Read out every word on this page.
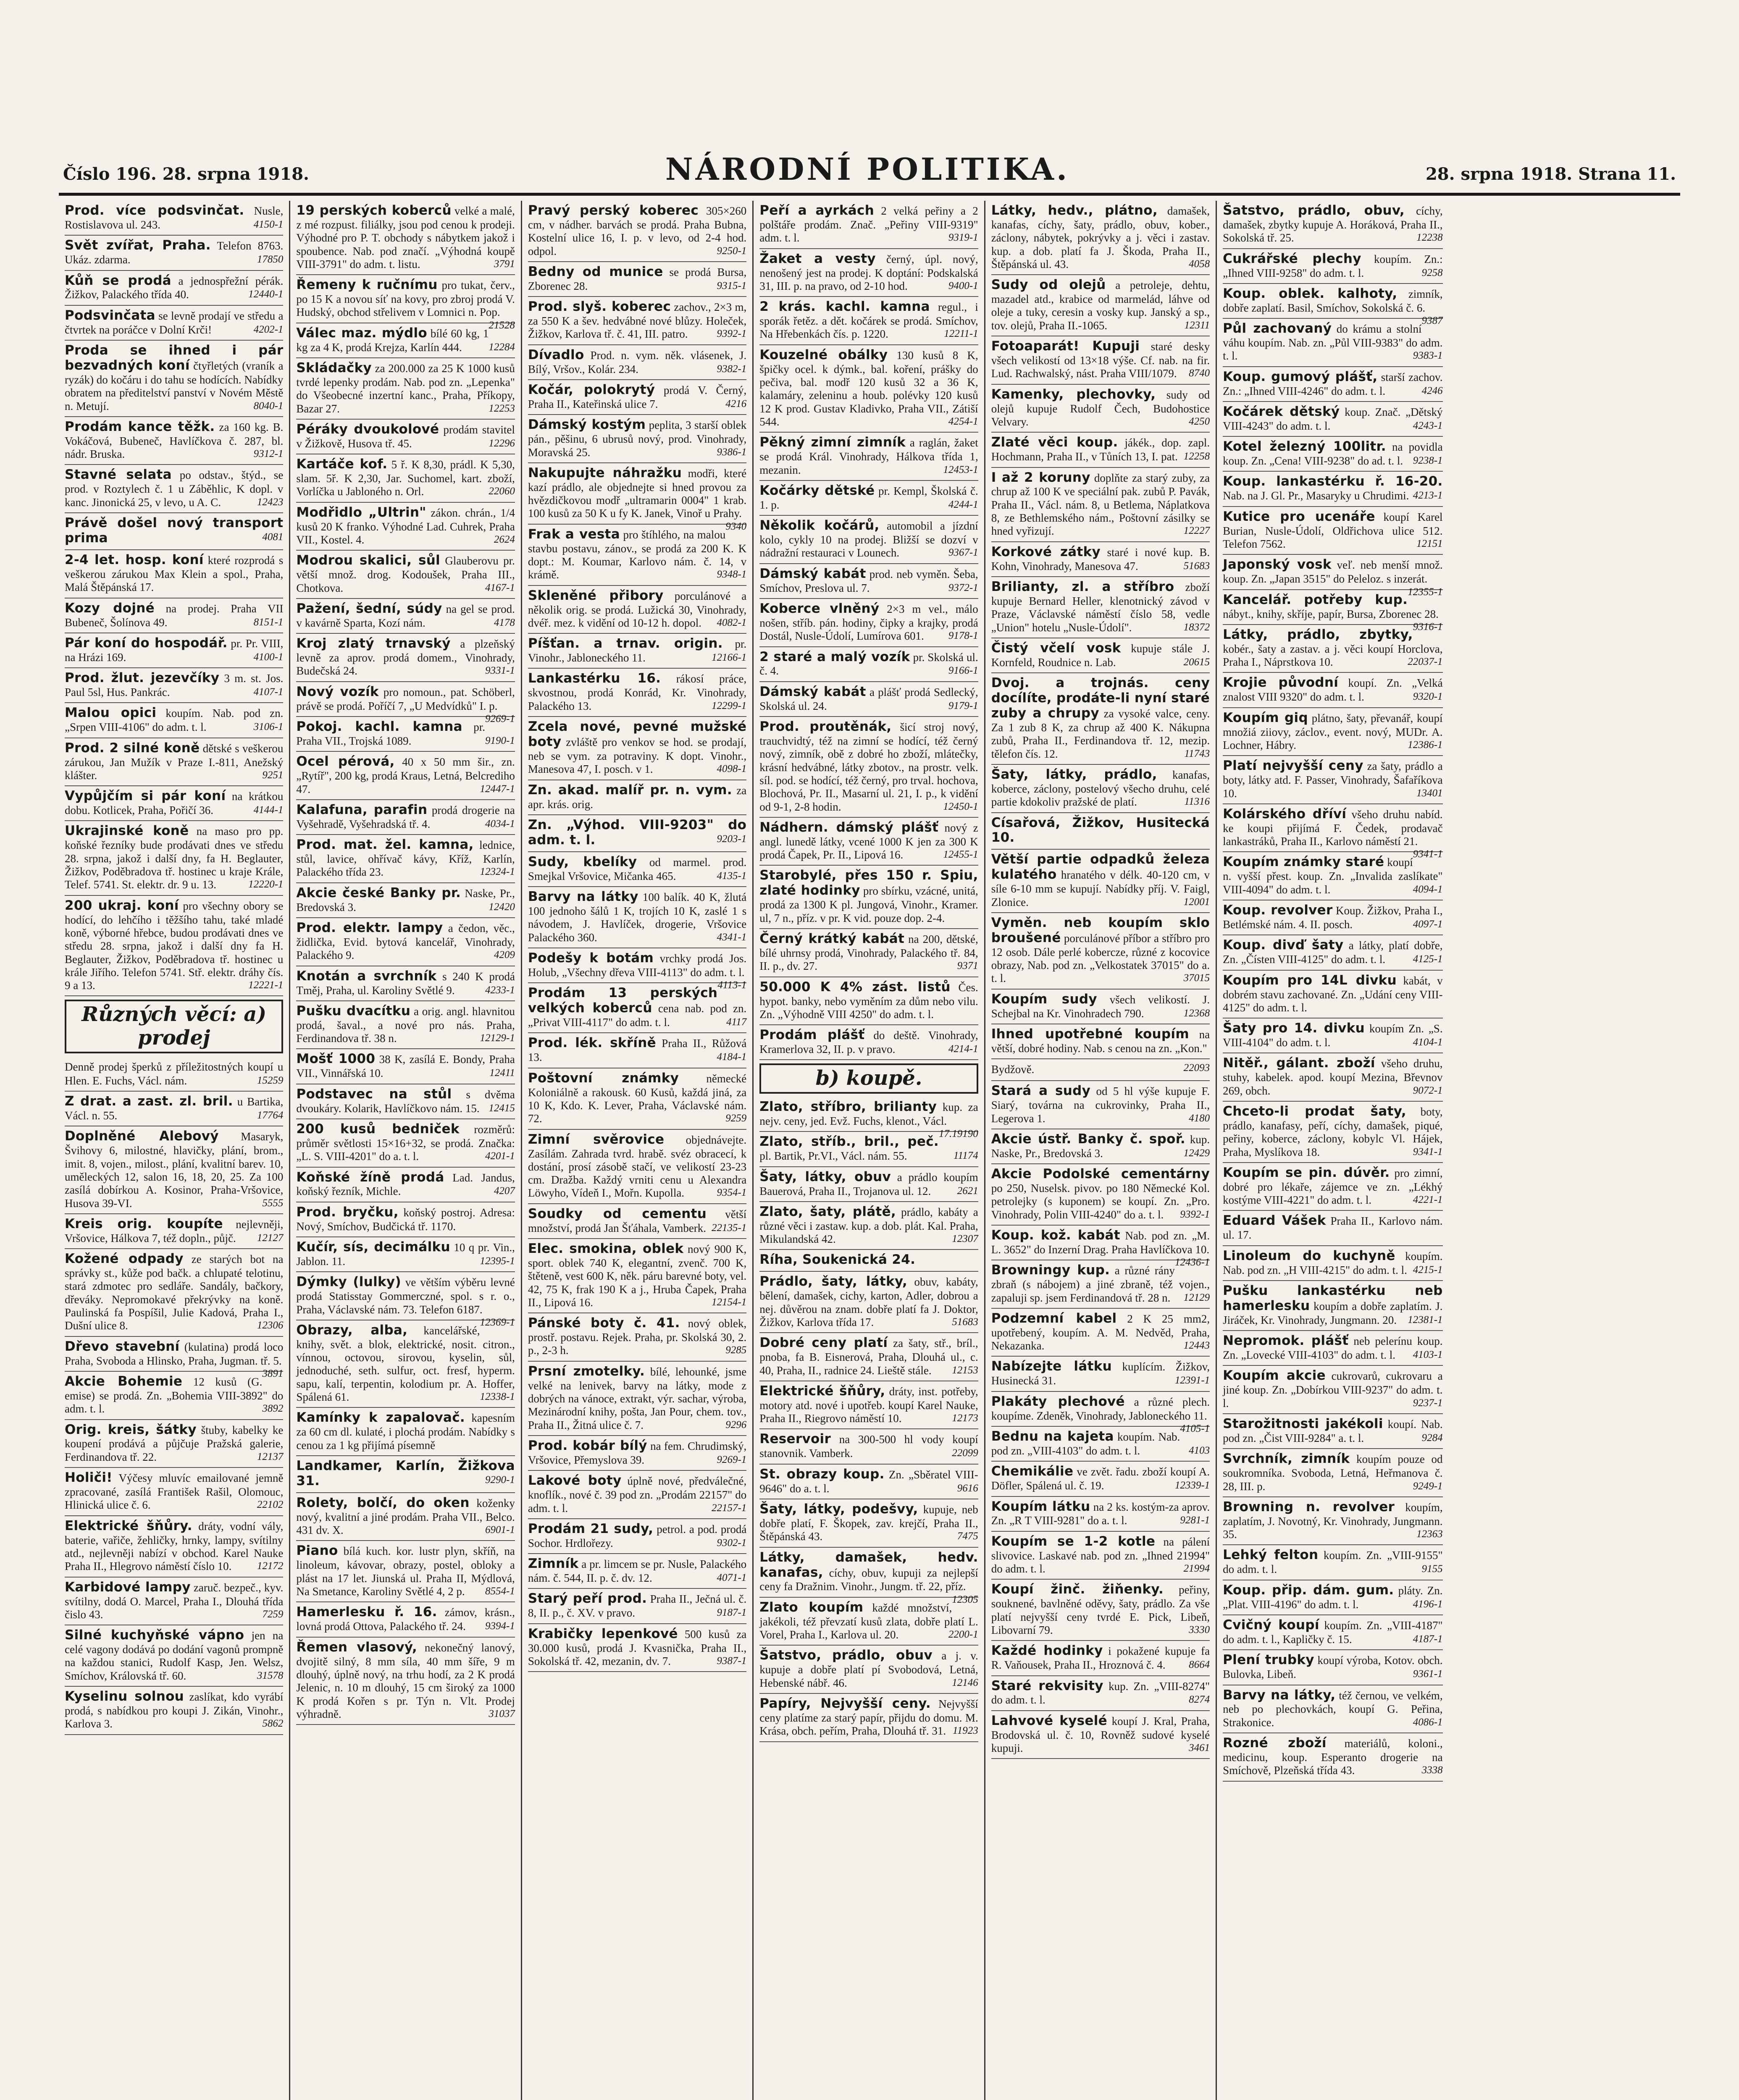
Číslo 196. 28. srpna 1918.	NÁRODNÍ POLITIKA.	28. srpna 1918. Strana 11.
Prod. více podsvinčat. Nusle, Rostislavova ul. 243.	4150-1
Svět zvířat, Praha. Telefon 8763. Ukáz. zdarma.	17850
Kůň se prodá a jednospřežní pérák. Žižkov, Palackého třída 40.	12440-1
Podsvinčata se levně prodají ve středu a čtvrtek na poráčce v Dolní Krči!	4202-1
Proda se ihned i pár bezvadných koní čtyřletých (vraník a ryzák) do kočáru i do tahu se hodících. Nabídky obratem na předitelství panství v Novém Městě n. Metují.	8040-1
Prodám kance těžk. za 160 kg. B. Vokáčová, Bubeneč, Havlíčkova č. 287, bl. nádr. Bruska.	9312-1
Stavné selata po odstav., štýd., se prod. v Roztylech č. 1 u Záběhlic, K dopl. v kanc. Jinonická 25, v levo, u A. C.	12423
Právě došel nový transport prima	4081
2-4 let. hosp. koní které rozprodá s veškerou zárukou Max Klein a spol., Praha, Malá Štěpánská 17.
Kozy dojné na prodej. Praha VII Bubeneč, Šolínova 49.	8151-1
Pár koní do hospodář. pr. Pr. VIII, na Hrázi 169.	4100-1
Prod. žlut. jezevčíky 3 m. st. Jos. Paul 5sl, Hus. Pankrác.	4107-1
Malou opici koupím. Nab. pod zn. „Srpen VIII-4106" do adm. t. l.	3106-1
Prod. 2 silné koně dětské s veškerou zárukou, Jan Mužík v Praze I.-811, Anežský klášter.	9251
Vypůjčím si pár koní na krátkou dobu. Kotlicek, Praha, Pořičí 36.	4144-1
Ukrajinské koně na maso pro pp. koňské řezníky bude prodávati dnes ve středu 28. srpna, jakož i další dny, fa H. Beglauter, Žižkov, Poděbradova tř. hostinec u kraje Krále, Telef. 5741. St. elektr. dr. 9 u. 13.	12220-1
200 ukraj. koní pro všechny obory se hodící, do lehčího i těžšího tahu, také mladé koně, výborné hřebce, budou prodávati dnes ve středu 28. srpna, jakož i další dny fa H. Beglauter, Žižkov, Poděbradova tř. hostinec u krále Jiřího. Telefon 5741. Stř. elektr. dráhy čís. 9 a 13.	12221-1
Různých věcí: a) prodej
Denně prodej šperků z příležitostných koupí u Hlen. E. Fuchs, Václ. nám.	15259
Z drat. a zast. zl. bril. u Bartika, Václ. n. 55.	17764
Doplněné Alebový Masaryk, Švihovy 6, milostné, hlavičky, plání, brom., imit. 8, vojen., milost., plání, kvalitní barev. 10, uměleckých 12, salon 16, 18, 20, 25. Za 100 zasílá dobírkou A. Kosinor, Praha-Vršovice, Husova 39-VI.	5555
Kreis orig. koupíte nejlevněji, Vršovice, Hálkova 7, též dopln., půjč. 12127
Kožené odpady ze starých bot na správky st., kůže pod bačk. a chlupaté telotinu, stará zdmotec pro sedláře. Sandály, bačkory, dřeváky. Nepromokavé překrývky na koně. Paulinská fa Pospíšil, Julie Kadová, Praha I., Dušní ulice 8.	12306
Dřevo stavební (kulatina) prodá loco Praha, Svoboda a Hlinsko, Praha, Jugman. tř. 5.
3891
Akcie Bohemie 12 kusů (G. emise) se prodá. Zn. „Bohemia VIII-3892" do adm. t. l.	3892
Orig. kreis, šátky štuby, kabelky ke koupení prodává a půjčuje Pražská galerie, Ferdinandova tř. 22.	12137
Holiči! Výčesy mluvíc emailované jemně zpracované, zasílá František Rašil, Olomouc, Hlinická ulice č. 6.	22102
Elektrické šňůry. dráty, vodní vály, baterie, vařiče, žehličky, hrnky, lampy, svítilny atd., nejlevněji nabízí v obchod. Karel Nauke Praha II., Hlegrovo náměstí číslo 10. 12172
Karbidové lampy zaruč. bezpeč., kyv. svítilny, dodá O. Marcel, Praha I., Dlouhá třída čislo 43.	7259
Silné kuchyňské vápno jen na celé vagony dodává po dodání vagonů prompně na každou stanici, Rudolf Kasp, Jen. Welsz, Smíchov, Královská tř. 60.	31578
Kyselinu solnou zaslíkat, kdo vyrábí prodá, s nabídkou pro koupi J. Zikán, Vinohr., Karlova 3.	5862
19 perských koberců velké a malé, z mé rozpust. filiálky, jsou pod cenou k prodeji. Výhodné pro P. T. obchody s nábytkem jakož i spoubence. Nab. pod značí. „Výhodná koupě VIII-3791" do adm. t. listu.	3791
Řemeny k ručnímu pro tukat, červ., po 15 K a novou síť na kovy, pro zbroj prodá V. Hudský, obchod střelivem v Lomnici n. Pop.
21528
Válec maz. mýdlo bílé 60 kg, 1 kg za 4 K, prodá Krejza, Karlín 444.	12284
Skládačky za 200.000 za 25 K 1000 kusů tvrdé lepenky prodám. Nab. pod zn. „Lepenka" do Všeobecné inzertní kanc., Praha, Příkopy, Bazar 27.	12253
Péráky dvoukolové prodám stavitel v Žižkově, Husova tř. 45.	12296
Kartáče kof. 5 ř. K 8,30, prádl. K 5,30, slam. 5ř. K 2,30, Jar. Suchomel, kart. zboží, Vorlíčka u Jabloného n. Orl.	22060
Modřidlo „Ultrin" zákon. chrán., 1/4 kusů 20 K franko. Výhodné Lad. Cuhrek, Praha VII., Kostel. 4.	2624
Modrou skalici, sůl Glauberovu pr. větší množ. drog. Kodoušek, Praha III., Chotkova.	4167-1
Pažení, šední, súdy na gel se prod. v kavárně Sparta, Kozí nám.	4178
Kroj zlatý trnavský a plzeňský levně za aprov. prodá domem., Vinohrady, Budečská 24.	9331-1
Nový vozík pro nomoun., pat. Schöberl, právě se prodá. Poříčí 7, „U Medvídků" I. p.
9269-1
Pokoj. kachl. kamna pr. Praha VII., Trojská 1089.	9190-1
Ocel pérová, 40 x 50 mm šir., zn. „Rytíř", 200 kg, prodá Kraus, Letná, Belcrediho 47.	12447-1
Kalafuna, parafin prodá drogerie na Vyšehradě, Vyšehradská tř. 4.	4034-1
Prod. mat. žel. kamna, lednice, stůl, lavice, ohřívač kávy, Kříž, Karlín, Palackého třída 23.	12324-1
Akcie české Banky pr. Naske, Pr., Bredovská 3.	12420
Prod. elektr. lampy a čedon, věc., židlička, Evid. bytová kancelář, Vinohrady, Palackého 9.	4209
Knotán a svrchník s 240 K prodá Tměj, Praha, ul. Karoliny Světlé 9.	4233-1
Pušku dvacítku a orig. angl. hlavnitou prodá, šaval., a nové pro nás. Praha, Ferdinandova tř. 38 n.	12129-1
Mošť 1000 38 K, zasílá E. Bondy, Praha VII., Vinnářská 10.	12411
Podstavec na stůl s dvěma dvoukáry. Kolarik, Havlíčkovo nám. 15. 12415
200 kusů bedniček rozměrů: průměr světlosti 15×16+32, se prodá. Značka: „L. S. VIII-4201" do a. t. l.	4201-1
Koňské žíně prodá Lad. Jandus, koňský řezník, Michle.	4207
Prod. bryčku, koňský postroj. Adresa: Nový, Smíchov, Budčická tř. 1170.
Kučír, sís, decimálku 10 q pr. Vin., Jablon. 11.	12395-1
Dýmky (lulky) ve větším výběru levné prodá Statisstay Gommerczné, spol. s r. o., Praha, Václavské nám. 73. Telefon 6187.
12369-1
Obrazy, alba, kancelářské, knihy, svět. a blok, elektrické, nosit. citron., vínnou, octovou, sirovou, kyselin, sůl, jednoduché, seth. sulfur, oct. fresf, hyperm. sapu, kalí, terpentin, kolodium pr. A. Hoffer, Spálená 61.	12338-1
Kamínky k zapalovač. kapesním za 60 cm dl. kulaté, i plochá prodám. Nabídky s cenou za 1 kg přijímá písemně
Landkamer, Karlín, Žižkova 31.	9290-1
Rolety, bolčí, do oken koženky nový, kvalitní a jiné prodám. Praha VII., Belco. 431 dv. X.	6901-1
Piano bílá kuch. kor. lustr plyn, skříň, na linoleum, kávovar, obrazy, postel, obloky a plást na 17 let. Jiunská ul. Praha II, Mýdlová, Na Smetance, Karoliny Světlé 4, 2 p. 8554-1
Hamerlesku ř. 16. zámov, krásn., lovná prodá Ottova, Palackého tř. 24. 9394-1
Řemen vlasový, nekonečný lanový, dvojitě silný, 8 mm síla, 40 mm šíře, 9 m dlouhý, úplně nový, na trhu hodí, za 2 K prodá Jelenic, n. 10 m dlouhý, 15 cm široký za 1000 K prodá Kořen s pr. Týn n. Vlt. Prodej výhradně.	31037
Pravý perský koberec 305×260 cm, v nádher. barvách se prodá. Praha Bubna, Kostelní ulice 16, I. p. v levo, od 2-4 hod. odpol.	9250-1
Bedny od munice se prodá Bursa, Zborenec 28.	9315-1
Prod. slyš. koberec zachov., 2×3 m, za 550 K a šev. hedvábné nové blůzy. Holeček, Žižkov, Karlova tř. č. 41, III. patro.	9392-1
Dívadlo Prod. n. vym. něk. vlásenek, J. Bílý, Vršov., Kolár. 234.	9382-1
Kočár, polokrytý prodá V. Černý, Praha II., Kateřinská ulice 7.	4216
Dámský kostým peplita, 3 starší oblek pán., pěšinu, 6 ubrusů nový, prod. Vinohrady, Moravská 25.	9386-1
Nakupujte náhražku modři, které kazí prádlo, ale objednejte si hned provou za hvězdičkovou modř „ultramarin 0004" 1 krab. 100 kusů za 50 K u fy K. Janek, Vinoř u Prahy.
9340
Frak a vesta pro štíhlého, na malou stavbu postavu, zánov., se prodá za 200 K. K dopt.: M. Koumar, Karlovo nám. č. 14, v krámě.	9348-1
Skleněné přibory porculánové a několik orig. se prodá. Lužická 30, Vinohrady, dvéř. mez. k vidění od 10-12 h. dopol. 4082-1
Píšťan. a trnav. origin. pr. Vinohr., Jabloneckého 11.	12166-1
Lankastérku 16. rákosí práce, skvostnou, prodá Konrád, Kr. Vinohrady, Palackého 13.	12299-1
Zcela nové, pevné mužské boty zvláště pro venkov se hod. se prodají, neb se vym. za potraviny. K dopt. Vinohr., Manesova 47, I. posch. v 1.	4098-1
Zn. akad. malíř pr. n. vym. za apr. krás. orig.
Zn. „Výhod. VIII-9203" do adm. t. l.	9203-1
Sudy, kbelíky od marmel. prod. Smejkal Vršovice, Mičanka 465.	4135-1
Barvy na látky 100 balík. 40 K, žlutá 100 jednoho šálů 1 K, trojích 10 K, zaslé 1 s návodem, J. Havlíček, drogerie, Vršovice Palackého 360.	4341-1
Podešy k botám vrchky prodá Jos. Holub, „Všechny dřeva VIII-4113" do adm. t. l.
4113-1
Prodám 13 perských velkých koberců cena nab. pod zn. „Privat VIII-4117" do adm. t. l.	4117
Prod. lék. skříně Praha II., Růžová 13.	4184-1
Poštovní známky německé Koloniálně a rakousk. 60 Kusů, každá jiná, za 10 K, Kdo. K. Lever, Praha, Václavské nám. 72.	9259
Zimní svěrovice objednávejte. Zasílám. Zahrada tvrd. hrabě. svéz obracecí, k dostání, prosí zásobě stačí, ve velikostí 23-23 cm. Dražba. Každý vrniti cenu u Alexandra Löwyho, Vídeň I., Mořn. Kupolla.	9354-1
Soudky od cementu větší množství, prodá Jan Šťáhala, Vamberk. 22135-1
Elec. smokina, oblek nový 900 K, sport. oblek 740 K, elegantní, zvenč. 700 K, štěteně, vest 600 K, něk. páru barevné boty, vel. 42, 75 K, frak 190 K a j., Hruba Čapek, Praha II., Lipová 16.	12154-1
Pánské boty č. 41. nový oblek, prostř. postavu. Rejek. Praha, pr. Skolská 30, 2. p., 2-3 h.	9285
Prsní zmotelky. bílé, lehounké, jsme velké na lenivek, barvy na látky, mode z dobrých na vánoce, extrakt, výr. sachar, výroba, Mezinárodní knihy, pošta, Jan Pour, chem. tov., Praha II., Žitná ulice č. 7.	9296
Prod. kobár bílý na fem. Chrudimský, Vršovice, Přemyslova 39.	9269-1
Lakové boty úplně nové, předválečné, knoflík., nové č. 39 pod zn. „Prodám 22157" do adm. t. l.	22157-1
Prodám 21 sudy, petrol. a pod. prodá Sochor. Hrdlořezy.	9302-1
Zimník a pr. limcem se pr. Nusle, Palackého nám. č. 544, II. p. č. dv. 12.	4071-1
Starý peří prod. Praha II., Ječná ul. č. 8, II. p., č. XV. v pravo.	9187-1
Krabičky lepenkové 500 kusů za 30.000 kusů, prodá J. Kvasnička, Praha II., Sokolská tř. 42, mezanin, dv. 7.	9387-1
Peří a ayrkách 2 velká peřiny a 2 polštáře prodám. Znač. „Peřiny VIII-9319" adm. t. l.	9319-1
Žaket a vesty černý, úpl. nový, nenošený jest na prodej. K doptání: Podskalská 31, III. p. na pravo, od 2-10 hod.	9400-1
2 krás. kachl. kamna regul., i sporák řetěz. a dět. kočárek se prodá. Smíchov, Na Hřebenkách čís. p. 1220.	12211-1
Kouzelné obálky 130 kusů 8 K, špičky ocel. k dýmk., bal. koření, prášky do pečiva, bal. modř 120 kusů 32 a 36 K, kalamáry, zeleninu a houb. polévky 120 kusů 12 K prod. Gustav Kladivko, Praha VII., Zátiší 544.	4254-1
Pěkný zimní zimník a raglán, žaket se prodá Král. Vinohrady, Hálkova třída 1, mezanin.	12453-1
Kočárky dětské pr. Kempl, Školská č. 1. p.	4244-1
Několik kočárů, automobil a jízdní kolo, cykly 10 na prodej. Bližší se dozví v nádražní restauraci v Lounech.	9367-1
Dámský kabát prod. neb vyměn. Šeba, Smíchov, Preslova ul. 7.	9372-1
Koberce vlněný 2×3 m vel., málo nošen, stříb. pán. hodiny, čipky a krajky, prodá Dostál, Nusle-Údolí, Lumírova 601. 9178-1
2 staré a malý vozík pr. Skolská ul. č. 4.	9166-1
Dámský kabát a plášť prodá Sedlecký, Skolská ul. 24.	9179-1
Prod. proutěnák, šicí stroj nový, trauchvidtý, též na zimní se hodící, též černý nový, zimník, obě z dobré ho zboží, mlátečky, krásní hedvábné, látky zbotov., na prostr. velk. síl. pod. se hodící, též černý, pro trval. hochova, Blochová, Pr. II., Masarní ul. 21, I. p., k vidění od 9-1, 2-8 hodin.	12450-1
Nádhern. dámský plášť nový z angl. lunedě látky, vcené 1000 K jen za 300 K prodá Čapek, Pr. II., Lipová 16.	12455-1
Starobylé, přes 150 r. Spiu, zlaté hodinky pro sbírku, vzácné, unitá, prodá za 1300 K pl. Jungová, Vinohr., Kramer. ul, 7 n., příz. v pr. K vid. pouze dop. 2-4.
Černý krátký kabát na 200, dětské, bílé uhrnsy prodá, Vinohrady, Palackého tř. 84, II. p., dv. 27.	9371
50.000 K 4% zást. listů Čes. hypot. banky, nebo vyměním za dům nebo vilu. Zn. „Výhodně VIII 4250" do adm. t. l.
Prodám plášť do deště. Vinohrady, Kramerlova 32, II. p. v pravo.	4214-1
b) koupě.
Zlato, stříbro, brilianty kup. za nejv. ceny, jed. Evž. Fuchs, klenot., Václ.
17.19190
Zlato, stříb., bril., peč. pl. Bartik, Pr.VI., Václ. nám. 55.	11174
Šaty, látky, obuv a prádlo koupím Bauerová, Praha II., Trojanova ul. 12. 2621
Zlato, šaty, plátě, prádlo, kabáty a různé věci i zastaw. kup. a dob. plát. Kal. Praha, Mikulandská 42.	12307
Ríha, Soukenická 24.
Prádlo, šaty, látky, obuv, kabáty, bělení, damašek, cichy, karton, Adler, dobrou a nej. důvěrou na znam. dobře platí fa J. Doktor, Žižkov, Karlova třída 17.	51683
Dobré ceny platí za šaty, stř., bríl., pnoba, fa B. Eisnerová, Praha, Dlouhá ul., c. 40, Praha, II., radnice 24. Lieště stále. 12153
Elektrické šňůry, dráty, inst. potřeby, motory atd. nové i upotřeb. koupí Karel Nauke, Praha II., Riegrovo náměstí 10.	12173
Reservoir na 300-500 hl vody koupí stanovnik. Vamberk.	22099
St. obrazy koup. Zn. „Sběratel VIII-9646" do a. t. l.	9616
Šaty, látky, podešvy, kupuje, neb dobře platí, F. Škopek, zav. krejčí, Praha II., Štěpánská 43.	7475
Látky, damašek, hedv. kanafas, cíchy, obuv, kupuji za nejlepší ceny fa Dražnim. Vinohr., Jungm. tř. 22, příz.
12305
Zlato koupím každé množství, jakékoli, též převzatí kusů zlata, dobře platí L. Vorel, Praha I., Karlova ul. 20.	2200-1
Šatstvo, prádlo, obuv a j. v. kupuje a dobře platí pí Svobodová, Letná, Hebenské nábř. 46.	12146
Papíry, Nejvyšší ceny. Nejvyšší ceny platíme za starý papír, přijdu do domu. M. Krása, obch. peřím, Praha, Dlouhá tř. 31. 11923
Látky, hedv., plátno, damašek, kanafas, cíchy, šaty, prádlo, obuv, kober., záclony, nábytek, pokrývky a j. věci i zastav. kup. a dob. platí fa J. Škoda, Praha II., Štěpánská ul. 43.	4058
Sudy od olejů a petroleje, dehtu, mazadel atd., krabice od marmelád, láhve od oleje a tuky, ceresin a vosky kup. Janský a sp., tov. olejů, Praha II.-1065.	12311
Fotoaparát! Kupuji staré desky všech velikostí od 13×18 výše. Cf. nab. na fir. Lud. Rachwalský, nást. Praha VIII/1079. 8740
Kamenky, plechovky, sudy od olejů kupuje Rudolf Čech, Budohostice Velvary.	4250
Zlaté věci koup. jákék., dop. zapl. Hochmann, Praha II., v Tůních 13, I. pat. 12258
I až 2 koruny doplňte za starý zuby, za chrup až 100 K ve speciální pak. zubů P. Pavák, Praha II., Václ. nám. 8, u Betlema, Náplatkova 8, ze Bethlemského nám., Poštovní zásilky se hned vyřizují.	12227
Korkové zátky staré i nové kup. B. Kohn, Vinohrady, Manesova 47.	51683
Brilianty, zl. a stříbro zboží kupuje Bernard Heller, klenotnický závod v Praze, Václavské náměstí číslo 58, vedle „Union" hotelu „Nusle-Údolí".	18372
Čistý včelí vosk kupuje stále J. Kornfeld, Roudnice n. Lab.	20615
Dvoj. a trojnás. ceny docílíte, prodáte-li nyní staré zuby a chrupy za vysoké valce, ceny. Za 1 zub 8 K, za chrup až 400 K. Nákupna zubů, Praha II., Ferdinandova tř. 12, mezip. tělefon čís. 12.	11743
Šaty, látky, prádlo, kanafas, koberce, záclony, postelový všecho druhu, celé partie kdokoliv pražské de platí.	11316
Císařová, Žižkov, Husitecká 10.
Větší partie odpadků železa kulatého hranatého v délk. 40-120 cm, v síle 6-10 mm se kupují. Nabídky příj. V. Faigl, Zlonice.	12001
Vyměn. neb koupím sklo broušené porculánové příbor a stříbro pro 12 osob. Dále perlé kobercze, různé z kocovice obrazy, Nab. pod zn. „Velkostatek 37015" do a. t. l.	37015
Koupím sudy všech velikostí. J. Schejbal na Kr. Vinohradech 790.	12368
Ihned upotřebné koupím na větší, dobré hodiny. Nab. s cenou na zn. „Kon."
Bydžově.	22093
Stará a sudy od 5 hl výše kupuje F. Siarý, továrna na cukrovinky, Praha II., Legerova 1.	4180
Akcie ústř. Banky č. spoř. kup. Naske, Pr., Bredovská 3.	12429
Akcie Podolské cementárny po 250, Nuselsk. pivov. po 180 Německé Kol. petrolejky (s kuponem) se koupí. Zn. „Pro. Vinohrady, Polin VIII-4240" do a. t. l. 9392-1
Koup. kož. kabát Nab. pod zn. „M. L. 3652" do Inzerní Drag. Praha Havlíčkova 10.
12436-1
Browningy kup. a různé rány zbraň (s nábojem) a jiné zbraně, též vojen., zapaluji sp. jsem Ferdinandová tř. 28 n. 12129
Podzemní kabel 2 K 25 mm2, upotřebený, koupím. A. M. Nedvěd, Praha, Nekazanka.	12443
Nabízejte látku kuplícím. Žižkov, Husinecká 31.	12391-1
Plakáty plechové a různé plech. koupíme. Zdeněk, Vinohrady, Jabloneckého 11.
4105-1
Bednu na kajeta koupím. Nab. pod zn. „VIII-4103" do adm. t. l.	4103
Chemikálie ve zvět. řadu. zboží koupí A. Döfler, Spálená ul. č. 19.	12339-1
Koupím látku na 2 ks. kostým-za aprov. Zn. „R T VIII-9281" do a. t. l.	9281-1
Koupím se 1-2 kotle na pálení slivovice. Laskavé nab. pod zn. „Ihned 21994" do adm. t. l.	21994
Koupí žinč. žiňenky. peřiny, souknené, bavlněné oděvy, šaty, prádlo. Za vše platí nejvyšší ceny tvrdé E. Pick, Libeň, Libovarní 79.	3330
Každé hodinky i pokažené kupuje fa R. Vaňousek, Praha II., Hroznová č. 4. 8664
Staré rekvisity kup. Zn. „VIII-8274" do adm. t. l.	8274
Lahvové kyselé koupí J. Kral, Praha, Brodovská ul. č. 10, Rovněž sudové kyselé kupuji.	3461
Šatstvo, prádlo, obuv, cíchy, damašek, zbytky kupuje A. Horáková, Praha II., Sokolská tř. 25.	12238
Cukrářské plechy koupím. Zn.: „Ihned VIII-9258" do adm. t. l.	9258
Koup. oblek. kalhoty, zimník, dobře zaplatí. Basil, Smíchov, Sokolská č. 6.
9387
Půl zachovaný do krámu a stolní váhu koupím. Nab. zn. „Půl VIII-9383" do adm. t. l.	9383-1
Koup. gumový plášť, starší zachov. Zn.: „Ihned VIII-4246" do adm. t. l.	4246
Kočárek dětský koup. Znač. „Dětský VIII-4243" do adm. t. l.	4243-1
Kotel železný 100litr. na povidla koup. Zn. „Cena! VIII-9238" do ad. t. l. 9238-1
Koup. lankastérku ř. 16-20. Nab. na J. Gl. Pr., Masaryky u Chrudimi. 4213-1
Kutice pro ucenáře koupí Karel Burian, Nusle-Údolí, Oldřichova ulice 512. Telefon 7562.	12151
Japonský vosk veľ. neb menší množ. koup. Zn. „Japan 3515" do Peleloz. s inzerát.
12355-1
Kancelář. potřeby kup. nábyt., knihy, skříje, papír, Bursa, Zborenec 28.
9316-1
Látky, prádlo, zbytky, kobér., šaty a zastav. a j. věci koupí Horclova, Praha I., Náprstkova 10.	22037-1
Krojie původní koupí. Zn. „Velká znalost VIII 9320" do adm. t. l.	9320-1
Koupím giq plátno, šaty, převanář, koupí množiá ziiovy, záclov., event. nový, MUDr. A. Lochner, Hábry.	12386-1
Platí nejvyšší ceny za šaty, prádlo a boty, látky atd. F. Passer, Vinohrady, Šafaříkova 10.	13401
Kolárského dříví všeho druhu nabíd. ke koupi přijímá F. Čedek, prodavač lankastráků, Praha II., Karlovo náměstí 21.
9341-1
Koupím známky staré koupí n. vyšší přest. koup. Zn. „Invalida zaslíkate" VIII-4094" do adm. t. l.	4094-1
Koup. revolver Koup. Žižkov, Praha I., Betlémské nám. 4. II. posch.	4097-1
Koup. divď šaty a látky, platí dobře, Zn. „Čísten VIII-4125" do adm. t. l.	4125-1
Koupím pro 14L divku kabát, v dobrém stavu zachované. Zn. „Udání ceny VIII-4125" do adm. t. l.
Šaty pro 14. divku koupím Zn. „S. VIII-4104" do adm. t. l.	4104-1
Nitěř., gálant. zboží všeho druhu, stuhy, kabelek. apod. koupí Mezina, Břevnov 269, obch.	9072-1
Chceto-li prodat šaty, boty, prádlo, kanafasy, peří, cíchy, damašek, piqué, peřiny, koberce, záclony, kobylc Vl. Hájek, Praha, Myslíkova 18.	9341-1
Koupím se pin. dúvěr. pro zimní, dobré pro lékaře, zájemce ve zn. „Lékhý kostýme VIII-4221" do adm. t. l.	4221-1
Eduard Vášek Praha II., Karlovo nám. ul. 17.
Linoleum do kuchyně koupím. Nab. pod zn. „H VIII-4215" do adm. t. l. 4215-1
Pušku lankastérku neb hamerlesku koupím a dobře zaplatím. J. Jiráček, Kr. Vinohrady, Jungmann. 20. 12381-1
Nepromok. plášť neb pelerínu koup. Zn. „Lovecké VIII-4103" do adm. t. l. 4103-1
Koupím akcie cukrovarů, cukrovaru a jiné koup. Zn. „Dobírkou VIII-9237" do adm. t. l.	9237-1
Starožitnosti jakékoli koupí. Nab. pod zn. „Čist VIII-9284" a. t. l.	9284
Svrchník, zimník koupím pouze od soukromníka. Svoboda, Letná, Heřmanova č. 28, III. p.	9249-1
Browning n. revolver koupím, zaplatím, J. Novotný, Kr. Vinohrady, Jungmann. 35.	12363
Lehký felton koupím. Zn. „VIII-9155" do adm. t. l.	9155
Koup. přip. dám. gum. pláty. Zn. „Plat. VIII-4196" do adm. t. l.	4196-1
Cvičný koupí koupím. Zn. „VIII-4187" do adm. t. l., Kapličky č. 15.	4187-1
Plení trubky koupí výroba, Kotov. obch. Bulovka, Libeň.	9361-1
Barvy na látky, též černou, ve velkém, neb po plechovkách, koupí G. Peřina, Strakonice.	4086-1
Rozné zboží materiálů, koloni., medicinu, koup. Esperanto drogerie na Smíchově, Plzeňská třída 43.	3338
